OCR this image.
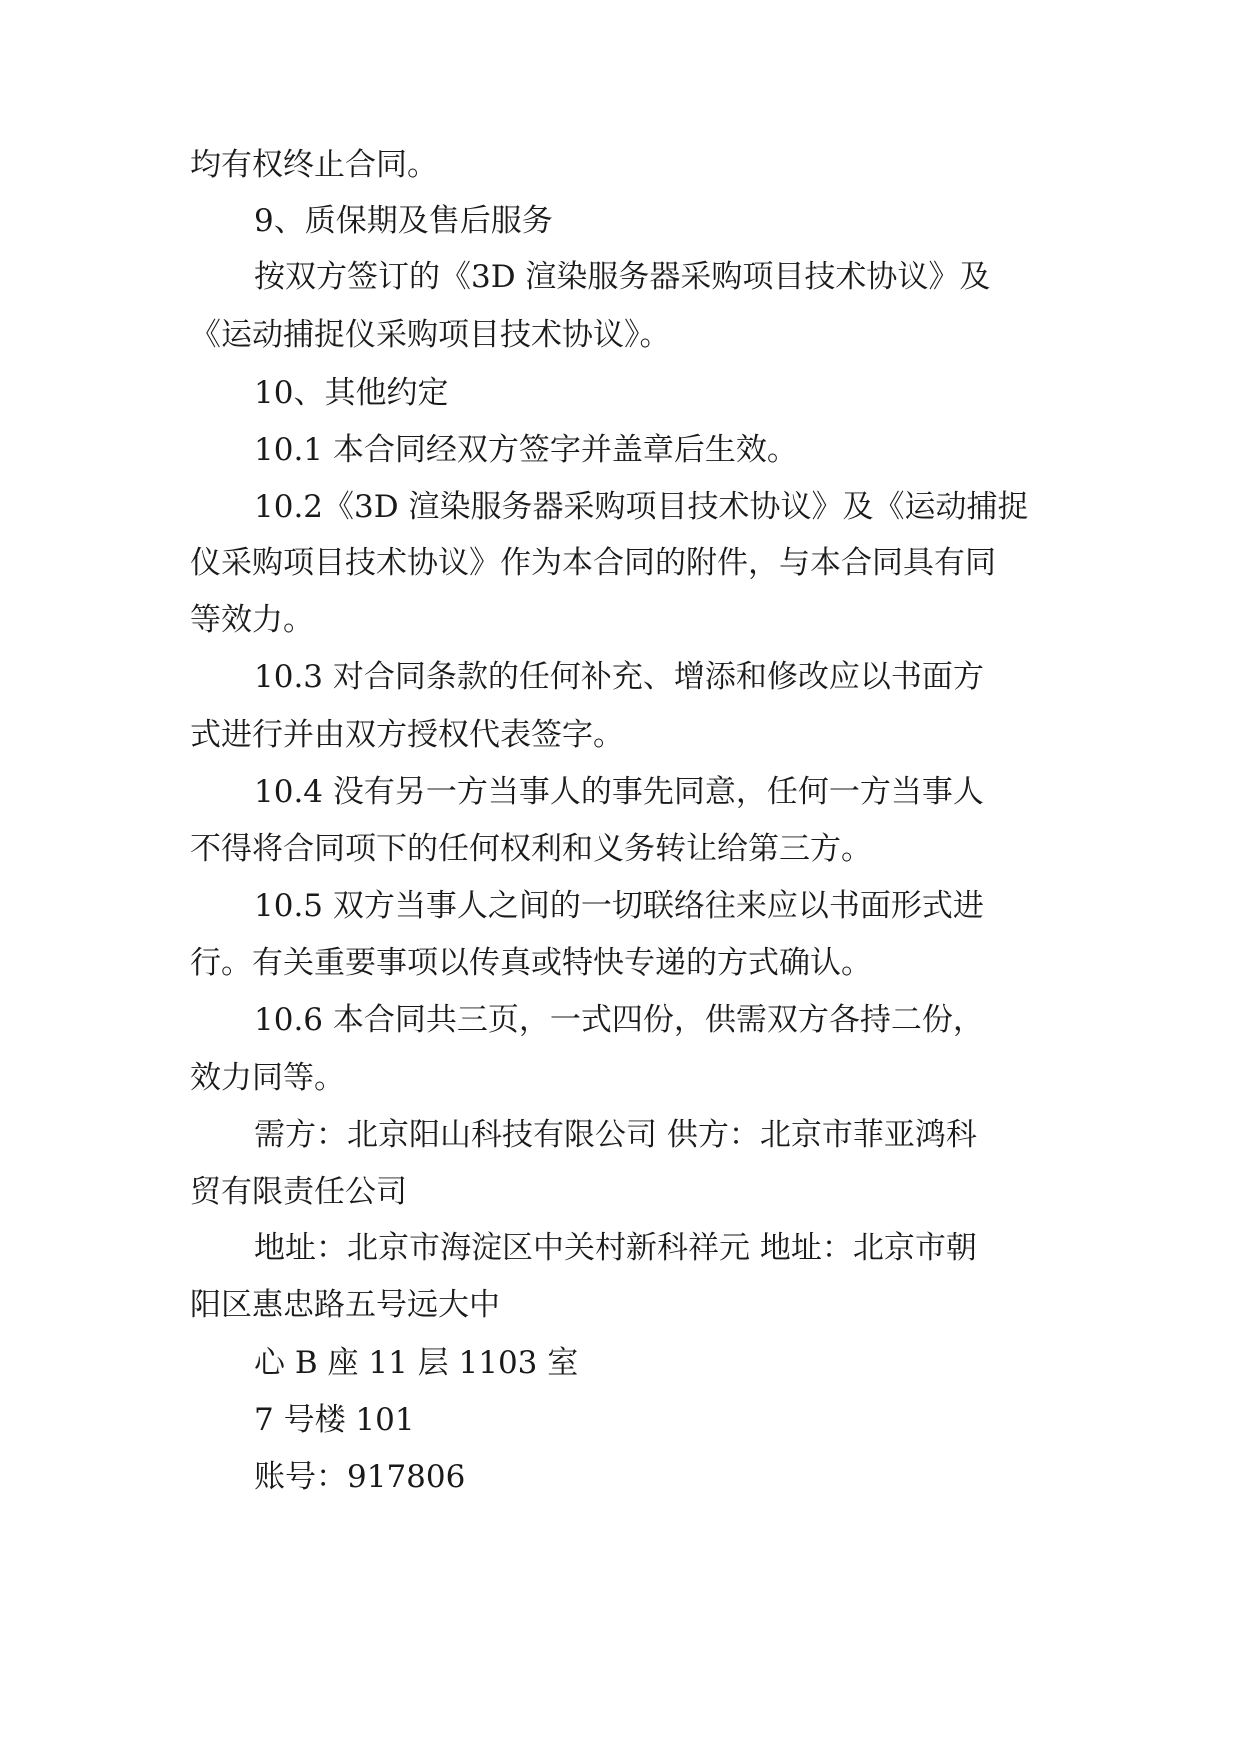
均有权终止合同。
9、质保期及售后服务
按双方签订的《3D 渲染服务器采购项目技术协议》及
《运动捕捉仪采购项目技术协议》。
10、其他约定
10.1 本合同经双方签字并盖章后生效。
10.2《3D 渲染服务器采购项目技术协议》及《运动捕捉
仪采购项目技术协议》作为本合同的附件，与本合同具有同
等效力。
10.3 对合同条款的任何补充、增添和修改应以书面方
式进行并由双方授权代表签字。
10.4 没有另一方当事人的事先同意，任何一方当事人
不得将合同项下的任何权利和义务转让给第三方。
10.5 双方当事人之间的一切联络往来应以书面形式进
行。有关重要事项以传真或特快专递的方式确认。
10.6 本合同共三页，一式四份，供需双方各持二份，
效力同等。
需方：北京阳山科技有限公司 供方：北京市菲亚鸿科
贸有限责任公司
地址：北京市海淀区中关村新科祥元 地址：北京市朝
阳区惠忠路五号远大中
心 B 座 11 层 1103 室
7 号楼 101
账号：917806
